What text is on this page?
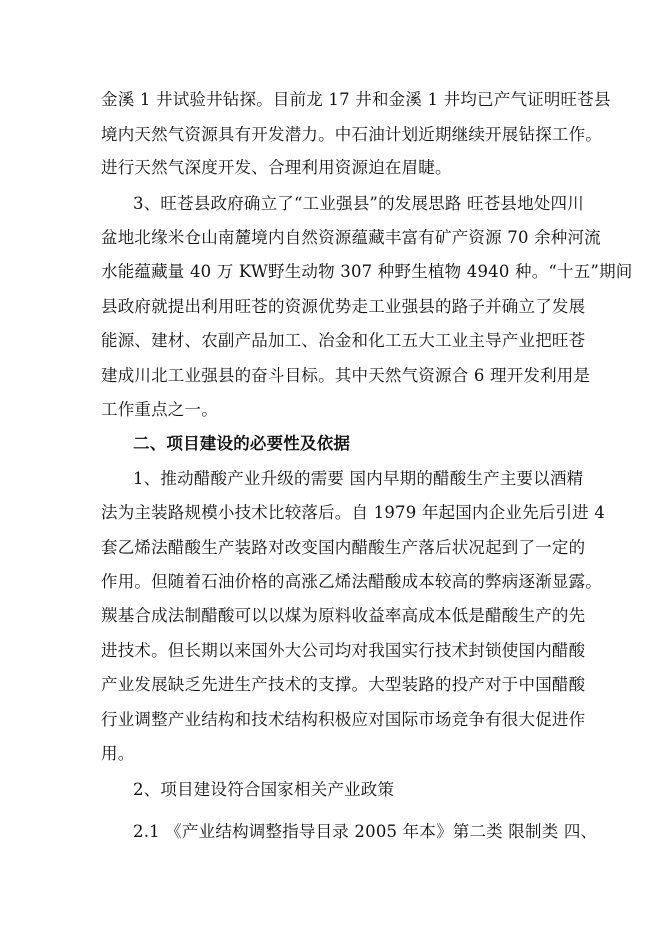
金溪 1 井试验井钻探。目前龙 17 井和金溪 1 井均已产气证明旺苍县
境内天然气资源具有开发潜力。中石油计划近期继续开展钻探工作。
进行天然气深度开发、合理利用资源迫在眉睫。
3、旺苍县政府确立了“工业强县”的发展思路 旺苍县地处四川
盆地北缘米仓山南麓境内自然资源蕴藏丰富有矿产资源 70 余种河流
水能蕴藏量 40 万 KW野生动物 307 种野生植物 4940 种。“十五”期间
县政府就提出利用旺苍的资源优势走工业强县的路子并确立了发展
能源、建材、农副产品加工、冶金和化工五大工业主导产业把旺苍
建成川北工业强县的奋斗目标。其中天然气资源合 6 理开发利用是
工作重点之一。
二、项目建设的必要性及依据
1、推动醋酸产业升级的需要 国内早期的醋酸生产主要以酒精
法为主装路规模小技术比较落后。自 1979 年起国内企业先后引进 4
套乙烯法醋酸生产装路对改变国内醋酸生产落后状况起到了一定的
作用。但随着石油价格的高涨乙烯法醋酸成本较高的弊病逐渐显露。
羰基合成法制醋酸可以以煤为原料收益率高成本低是醋酸生产的先
进技术。但长期以来国外大公司均对我国实行技术封锁使国内醋酸
产业发展缺乏先进生产技术的支撑。大型装路的投产对于中国醋酸
行业调整产业结构和技术结构积极应对国际市场竞争有很大促进作
用。
2、项目建设符合国家相关产业政策
2.1 《产业结构调整指导目录 2005 年本》第二类 限制类 四、
